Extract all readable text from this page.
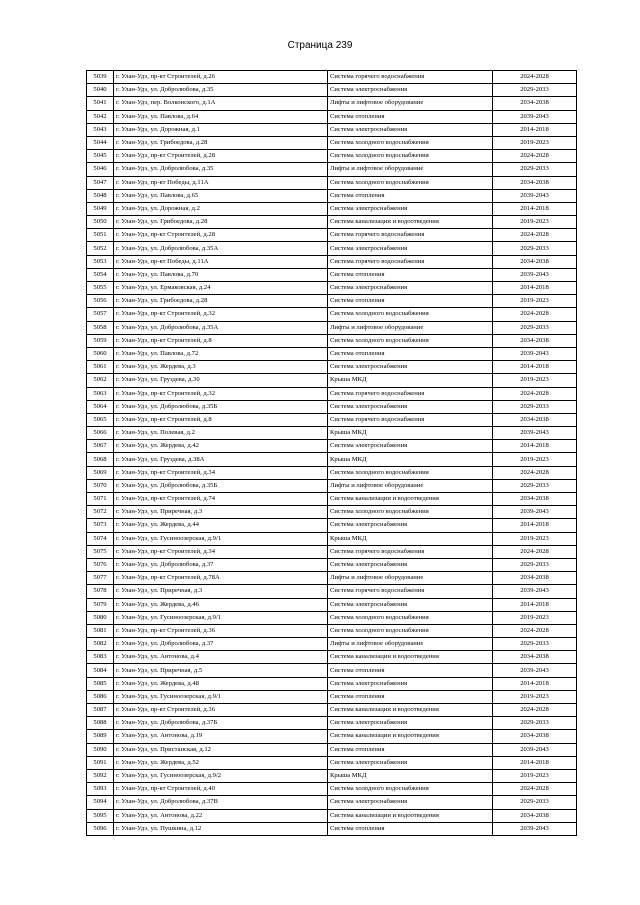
Страница 239
5039	г. Улан-Удэ, пр-кт Строителей, д.26	Система горячего водоснабжения	2024-2028
5040	г. Улан-Удэ, ул. Добролюбова, д.35	Система электроснабжения	2029-2033
5041	г. Улан-Удэ, пер. Волконского, д.1А	Лифты и лифтовое оборудование	2034-2038
5042	г. Улан-Удэ, ул. Павлова, д.64	Система отопления	2039-2043
5043	г. Улан-Удэ, ул. Дорожная, д.1	Система электроснабжения	2014-2018
5044	г. Улан-Удэ, ул. Грибоедова, д.28	Система холодного водоснабжения	2019-2023
5045	г. Улан-Удэ, пр-кт Строителей, д.28	Система холодного водоснабжения	2024-2028
5046	г. Улан-Удэ, ул. Добролюбова, д.35	Лифты и лифтовое оборудование	2029-2033
5047	г. Улан-Удэ, пр-кт Победы, д.11А	Система холодного водоснабжения	2034-2038
5048	г. Улан-Удэ, ул. Павлова, д.65	Система отопления	2039-2043
5049	г. Улан-Удэ, ул. Дорожная, д.2	Система электроснабжения	2014-2018
5050	г. Улан-Удэ, ул. Грибоедова, д.28	Система канализации и водоотведения	2019-2023
5051	г. Улан-Удэ, пр-кт Строителей, д.28	Система горячего водоснабжения	2024-2028
5052	г. Улан-Удэ, ул. Добролюбова, д.35А	Система электроснабжения	2029-2033
5053	г. Улан-Удэ, пр-кт Победы, д.11А	Система горячего водоснабжения	2034-2038
5054	г. Улан-Удэ, ул. Павлова, д.70	Система отопления	2039-2043
5055	г. Улан-Удэ, ул. Ермаковская, д.24	Система электроснабжения	2014-2018
5056	г. Улан-Удэ, ул. Грибоедова, д.28	Система отопления	2019-2023
5057	г. Улан-Удэ, пр-кт Строителей, д.32	Система холодного водоснабжения	2024-2028
5058	г. Улан-Удэ, ул. Добролюбова, д.35А	Лифты и лифтовое оборудование	2029-2033
5059	г. Улан-Удэ, пр-кт Строителей, д.8	Система холодного водоснабжения	2034-2038
5060	г. Улан-Удэ, ул. Павлова, д.72	Система отопления	2039-2043
5061	г. Улан-Удэ, ул. Жердева, д.3	Система электроснабжения	2014-2018
5062	г. Улан-Удэ, ул. Груздева, д.30	Крыша МКД	2019-2023
5063	г. Улан-Удэ, пр-кт Строителей, д.32	Система горячего водоснабжения	2024-2028
5064	г. Улан-Удэ, ул. Добролюбова, д.35Б	Система электроснабжения	2029-2033
5065	г. Улан-Удэ, пр-кт Строителей, д.8	Система горячего водоснабжения	2034-2038
5066	г. Улан-Удэ, ул. Полевая, д.2	Крыша МКД	2039-2043
5067	г. Улан-Удэ, ул. Жердева, д.42	Система электроснабжения	2014-2018
5068	г. Улан-Удэ, ул. Груздева, д.38А	Крыша МКД	2019-2023
5069	г. Улан-Удэ, пр-кт Строителей, д.34	Система холодного водоснабжения	2024-2028
5070	г. Улан-Удэ, ул. Добролюбова, д.35Б	Лифты и лифтовое оборудование	2029-2033
5071	г. Улан-Удэ, пр-кт Строителей, д.74	Система канализации и водоотведения	2034-2038
5072	г. Улан-Удэ, ул. Приречная, д.3	Система холодного водоснабжения	2039-2043
5073	г. Улан-Удэ, ул. Жердева, д.44	Система электроснабжения	2014-2018
5074	г. Улан-Удэ, ул. Гусиноозерская, д.9/1	Крыша МКД	2019-2023
5075	г. Улан-Удэ, пр-кт Строителей, д.34	Система горячего водоснабжения	2024-2028
5076	г. Улан-Удэ, ул. Добролюбова, д.37	Система электроснабжения	2029-2033
5077	г. Улан-Удэ, пр-кт Строителей, д.78А	Лифты и лифтовое оборудование	2034-2038
5078	г. Улан-Удэ, ул. Приречная, д.3	Система горячего водоснабжения	2039-2043
5079	г. Улан-Удэ, ул. Жердева, д.46	Система электроснабжения	2014-2018
5080	г. Улан-Удэ, ул. Гусиноозерская, д.9/1	Система холодного водоснабжения	2019-2023
5081	г. Улан-Удэ, пр-кт Строителей, д.36	Система холодного водоснабжения	2024-2028
5082	г. Улан-Удэ, ул. Добролюбова, д.37	Лифты и лифтовое оборудование	2029-2033
5083	г. Улан-Удэ, ул. Антонова, д.4	Система канализации и водоотведения	2034-2038
5084	г. Улан-Удэ, ул. Приречная, д.5	Система отопления	2039-2043
5085	г. Улан-Удэ, ул. Жердева, д.48	Система электроснабжения	2014-2018
5086	г. Улан-Удэ, ул. Гусиноозерская, д.9/1	Система отопления	2019-2023
5087	г. Улан-Удэ, пр-кт Строителей, д.36	Система канализации и водоотведения	2024-2028
5088	г. Улан-Удэ, ул. Добролюбова, д.37Б	Система электроснабжения	2029-2033
5089	г. Улан-Удэ, ул. Антонова, д.19	Система канализации и водоотведения	2034-2038
5090	г. Улан-Удэ, ул. Пристанская, д.12	Система отопления	2039-2043
5091	г. Улан-Удэ, ул. Жердева, д.52	Система электроснабжения	2014-2018
5092	г. Улан-Удэ, ул. Гусиноозерская, д.9/2	Крыша МКД	2019-2023
5093	г. Улан-Удэ, пр-кт Строителей, д.40	Система холодного водоснабжения	2024-2028
5094	г. Улан-Удэ, ул. Добролюбова, д.37В	Система электроснабжения	2029-2033
5095	г. Улан-Удэ, ул. Антонова, д.22	Система канализации и водоотведения	2034-2038
5096	г. Улан-Удэ, ул. Пушкина, д.12	Система отопления	2039-2043
